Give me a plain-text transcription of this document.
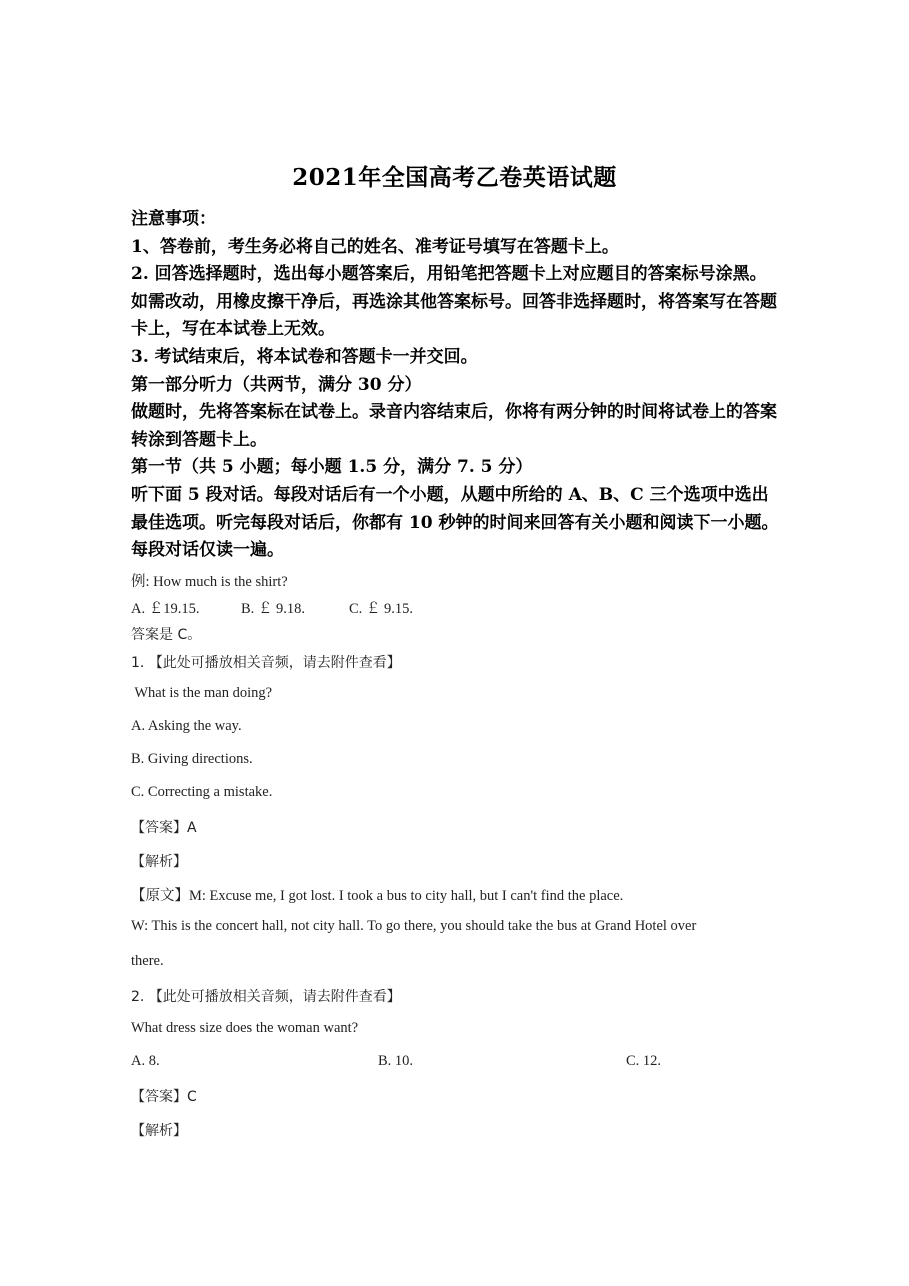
2021年全国高考乙卷英语试题

注意事项：

1、答卷前，考生务必将自己的姓名、准考证号填写在答题卡上。

2. 回答选择题时，选出每小题答案后，用铅笔把答题卡上对应题目的答案标号涂黑。如需改动，用橡皮擦干净后，再选涂其他答案标号。回答非选择题时，将答案写在答题卡上，写在本试卷上无效。

3. 考试结束后，将本试卷和答题卡一并交回。

第一部分听力（共两节，满分 30 分）

做题时，先将答案标在试卷上。录音内容结束后，你将有两分钟的时间将试卷上的答案转涂到答题卡上。

第一节（共 5 小题；每小题 1.5 分，满分 7. 5 分）

听下面 5 段对话。每段对话后有一个小题，从题中所给的 A、B、C 三个选项中选出最佳选项。听完每段对话后，你都有 10 秒钟的时间来回答有关小题和阅读下一小题。每段对话仅读一遍。

例: How much is the shirt?
A. ￡19.15.	B. ￡ 9.18.	C. ￡ 9.15.
答案是 C。
1. 【此处可播放相关音频，请去附件查看】
What is the man doing?
A. Asking the way.
B. Giving directions.
C. Correcting a mistake.
【答案】A
【解析】
【原文】M: Excuse me, I got lost. I took a bus to city hall, but I can't find the place.
W: This is the concert hall, not city hall. To go there, you should take the bus at Grand Hotel over
there.
2. 【此处可播放相关音频，请去附件查看】
What dress size does the woman want?
A. 8.	B. 10.	C. 12.
【答案】C
【解析】
